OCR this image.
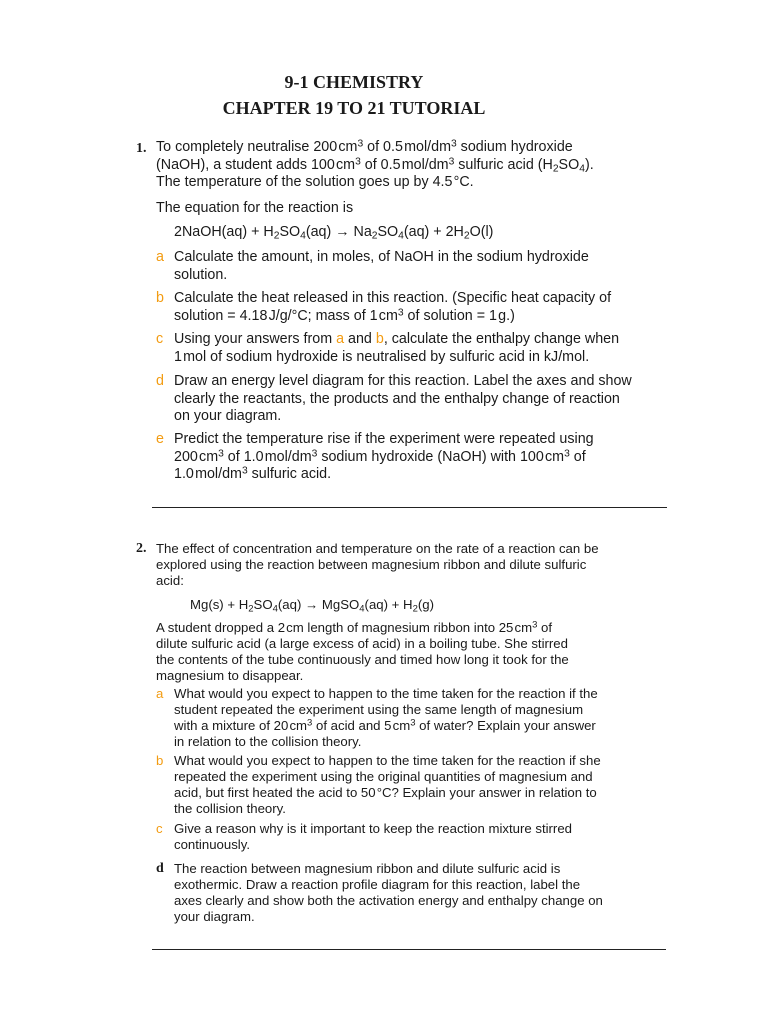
9-1 CHEMISTRY
CHAPTER 19 TO 21 TUTORIAL
1. To completely neutralise 200 $cm^3$ of 0.5 mol/$dm^3$ sodium hydroxide
(NaOH), a student adds 100 $cm^3$ of 0.5 mol/$dm^3$ sulfuric acid $(H_2SO_4)$.
The temperature of the solution goes up by 4.5 °C.
The equation for the reaction is
2NaOH(aq) + $H_2SO_4(aq) \to Na_2SO_4(aq) + 2H_2O(l)$
a Calculate the amount, in moles, of NaOH in the sodium hydroxide
solution.
b Calculate the heat released in this reaction. (Specific heat capacity of
solution = 4.18 J/g/°C; mass of 1 $cm^3$ of solution = 1 g.)
c Using your answers from a and b, calculate the enthalpy change when
1 mol of sodium hydroxide is neutralised by sulfuric acid in kJ/mol.
d Draw an energy level diagram for this reaction. Label the axes and show
clearly the reactants, the products and the enthalpy change of reaction
on your diagram.
e Predict the temperature rise if the experiment were repeated using
200 $cm^3$ of 1.0 mol/$dm^3$ sodium hydroxide (NaOH) with 100 $cm^3$ of
1.0 mol/$dm^3$ sulfuric acid.
2. The effect of concentration and temperature on the rate of a reaction can be
explored using the reaction between magnesium ribbon and dilute sulfuric
acid:
$Mg(s) + H_2SO_4(aq)$ → MgSO$_4$(aq) + $H_2(g)$
A student dropped a 2 cm length of magnesium ribbon into 25 $cm^3$ of
dilute sulfuric acid (a large excess of acid) in a boiling tube. She stirred
the contents of the tube continuously and timed how long it took for the
magnesium to disappear.
a What would you expect to happen to the time taken for the reaction if the
student repeated the experiment using the same length of magnesium
with a mixture of 20 $cm^3$ of acid and 5 $cm^3$ of water? Explain your answer
in relation to the collision theory.
b What would you expect to happen to the time taken for the reaction if she
repeated the experiment using the original quantities of magnesium and
acid, but first heated the acid to 50 °C? Explain your answer in relation to
the collision theory.
c Give a reason why is it important to keep the reaction mixture stirred
continuously.
d The reaction between magnesium ribbon and dilute sulfuric acid is
exothermic. Draw a reaction profile diagram for this reaction, label the
axes clearly and show both the activation energy and enthalpy change on
your diagram.
